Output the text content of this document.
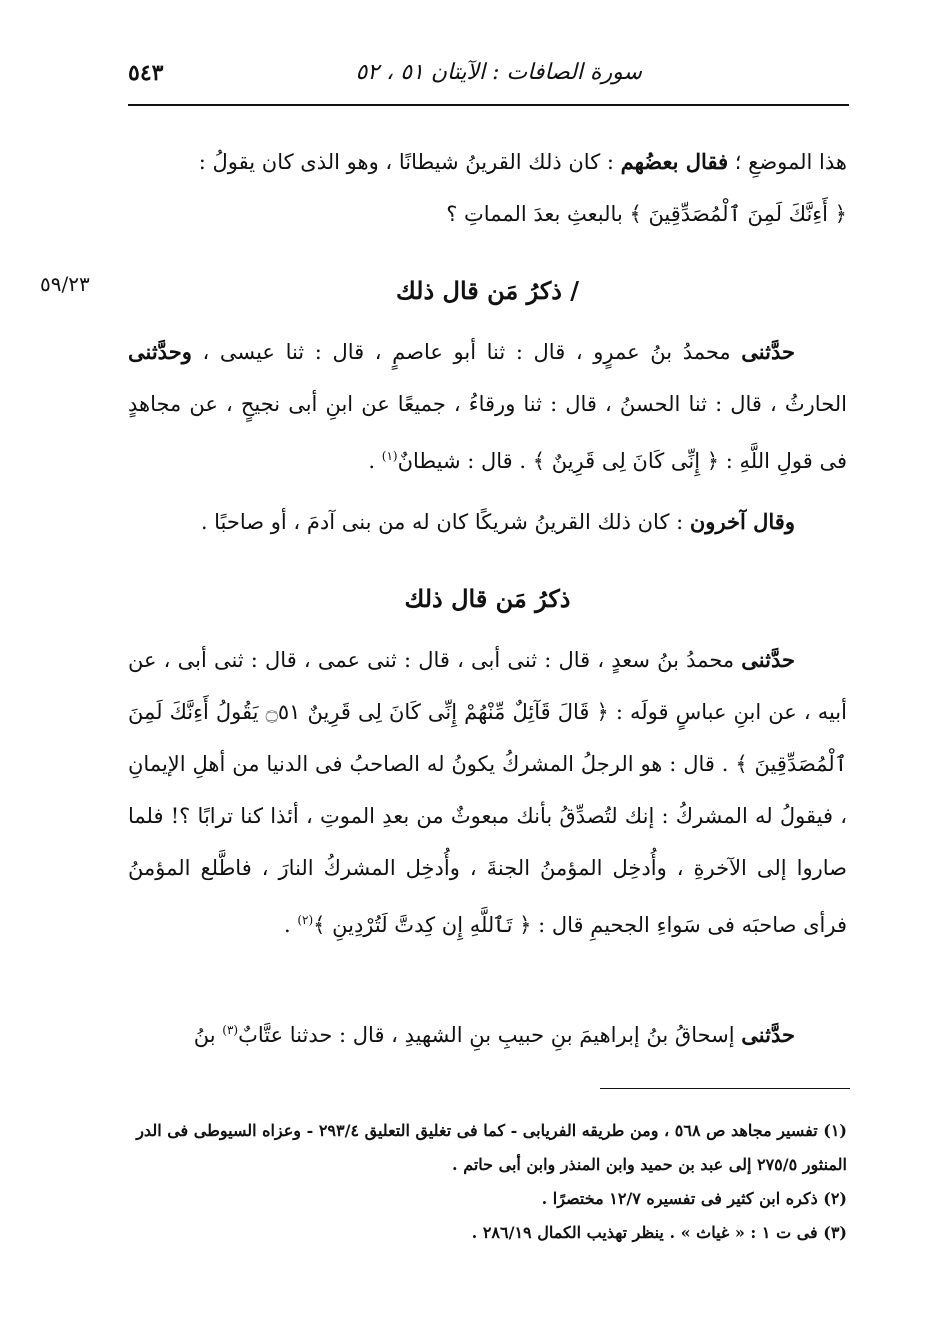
سورة الصافات : الآيتان ٥١ ، ٥٢
٥٤٣

هذا الموضعِ ؛ فقال بعضُهم : كان ذلك القرينُ شيطانًا ، وهو الذى كان يقولُ :

﴿ أَءِنَّكَ لَمِنَ ٱلْمُصَدِّقِينَ ﴾ بالبعثِ بعدَ المماتِ ؟

٥٩/٢٣	/ ذكرُ مَن قال ذلك

حدَّثنى محمدُ بنُ عمرٍو ، قال : ثنا أبو عاصمٍ ، قال : ثنا عيسى ، وحدَّثنى الحارثُ ، قال : ثنا الحسنُ ، قال : ثنا ورقاءُ ، جميعًا عن ابنِ أبى نجيحٍ ، عن مجاهدٍ فى قولِ اللَّهِ : ﴿ إِنِّى كَانَ لِى قَرِينٌ ﴾ . قال : شيطانٌ$^{(١)}$ .

وقال آخرون : كان ذلك القرينُ شريكًا كان له من بنى آدمَ ، أو صاحبًا .

ذكرُ مَن قال ذلك

حدَّثنى محمدُ بنُ سعدٍ ، قال : ثنى أبى ، قال : ثنى عمى ، قال : ثنى أبى ، عن أبيه ، عن ابنِ عباسٍ قولَه : ﴿ قَالَ قَآئِلٌ مِّنْهُمْ إِنِّى كَانَ لِى قَرِينٌ ۝٥١ يَقُولُ أَءِنَّكَ لَمِنَ ٱلْمُصَدِّقِينَ ﴾ . قال : هو الرجلُ المشركُ يكونُ له الصاحبُ فى الدنيا من أهلِ الإيمانِ ، فيقولُ له المشركُ : إنك لتُصدِّقُ بأنك مبعوثٌ من بعدِ الموتِ ، أئذا كنا ترابًا ؟! فلما صاروا إلى الآخرةِ ، وأُدخِل المؤمنُ الجنةَ ، وأُدخِل المشركُ النارَ ، فاطَّلع المؤمنُ فرأى صاحبَه فى سَواءِ الجحيمِ قال : ﴿ تَٱللَّهِ إِن كِدتَّ لَتُرْدِينِ ﴾$^{(٢)}$ .

حدَّثنى إسحاقُ بنُ إبراهيمَ بنِ حبيبِ بنِ الشهيدِ ، قال : حدثنا عتَّابٌ$^{(٣)}$ بنُ

(١) تفسير مجاهد ص ٥٦٨ ، ومن طريقه الفريابى - كما فى تغليق التعليق ٢٩٣/٤ - وعزاه السيوطى فى الدر المنثور ٢٧٥/٥ إلى عبد بن حميد وابن المنذر وابن أبى حاتم .

(٢) ذكره ابن كثير فى تفسيره ١٢/٧ مختصرًا .

(٣) فى ت ١ : « غياث » . ينظر تهذيب الكمال ٢٨٦/١٩ .
